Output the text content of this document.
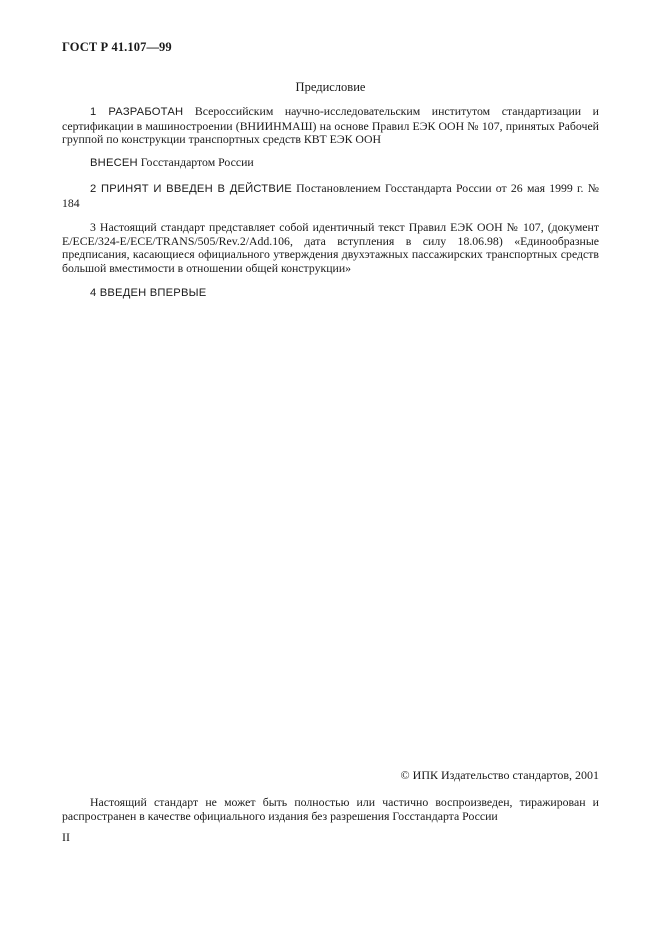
ГОСТ Р 41.107—99
Предисловие

1 РАЗРАБОТАН Всероссийским научно-исследовательским институтом стандартизации и сертификации в машиностроении (ВНИИНМАШ) на основе Правил ЕЭК ООН № 107, принятых Рабочей группой по конструкции транспортных средств КВТ ЕЭК ООН

ВНЕСЕН Госстандартом России

2 ПРИНЯТ И ВВЕДЕН В ДЕЙСТВИЕ Постановлением Госстандарта России от 26 мая 1999 г. № 184

3 Настоящий стандарт представляет собой идентичный текст Правил ЕЭК ООН № 107, (документ E/ECE/324-E/ECE/TRANS/505/Rev.2/Add.106, дата вступления в силу 18.06.98) «Единообразные предписания, касающиеся официального утверждения двухэтажных пассажирских транспортных средств большой вместимости в отношении общей конструкции»

4 ВВЕДЕН ВПЕРВЫЕ

© ИПК Издательство стандартов, 2001

Настоящий стандарт не может быть полностью или частично воспроизведен, тиражирован и распространен в качестве официального издания без разрешения Госстандарта России

II
